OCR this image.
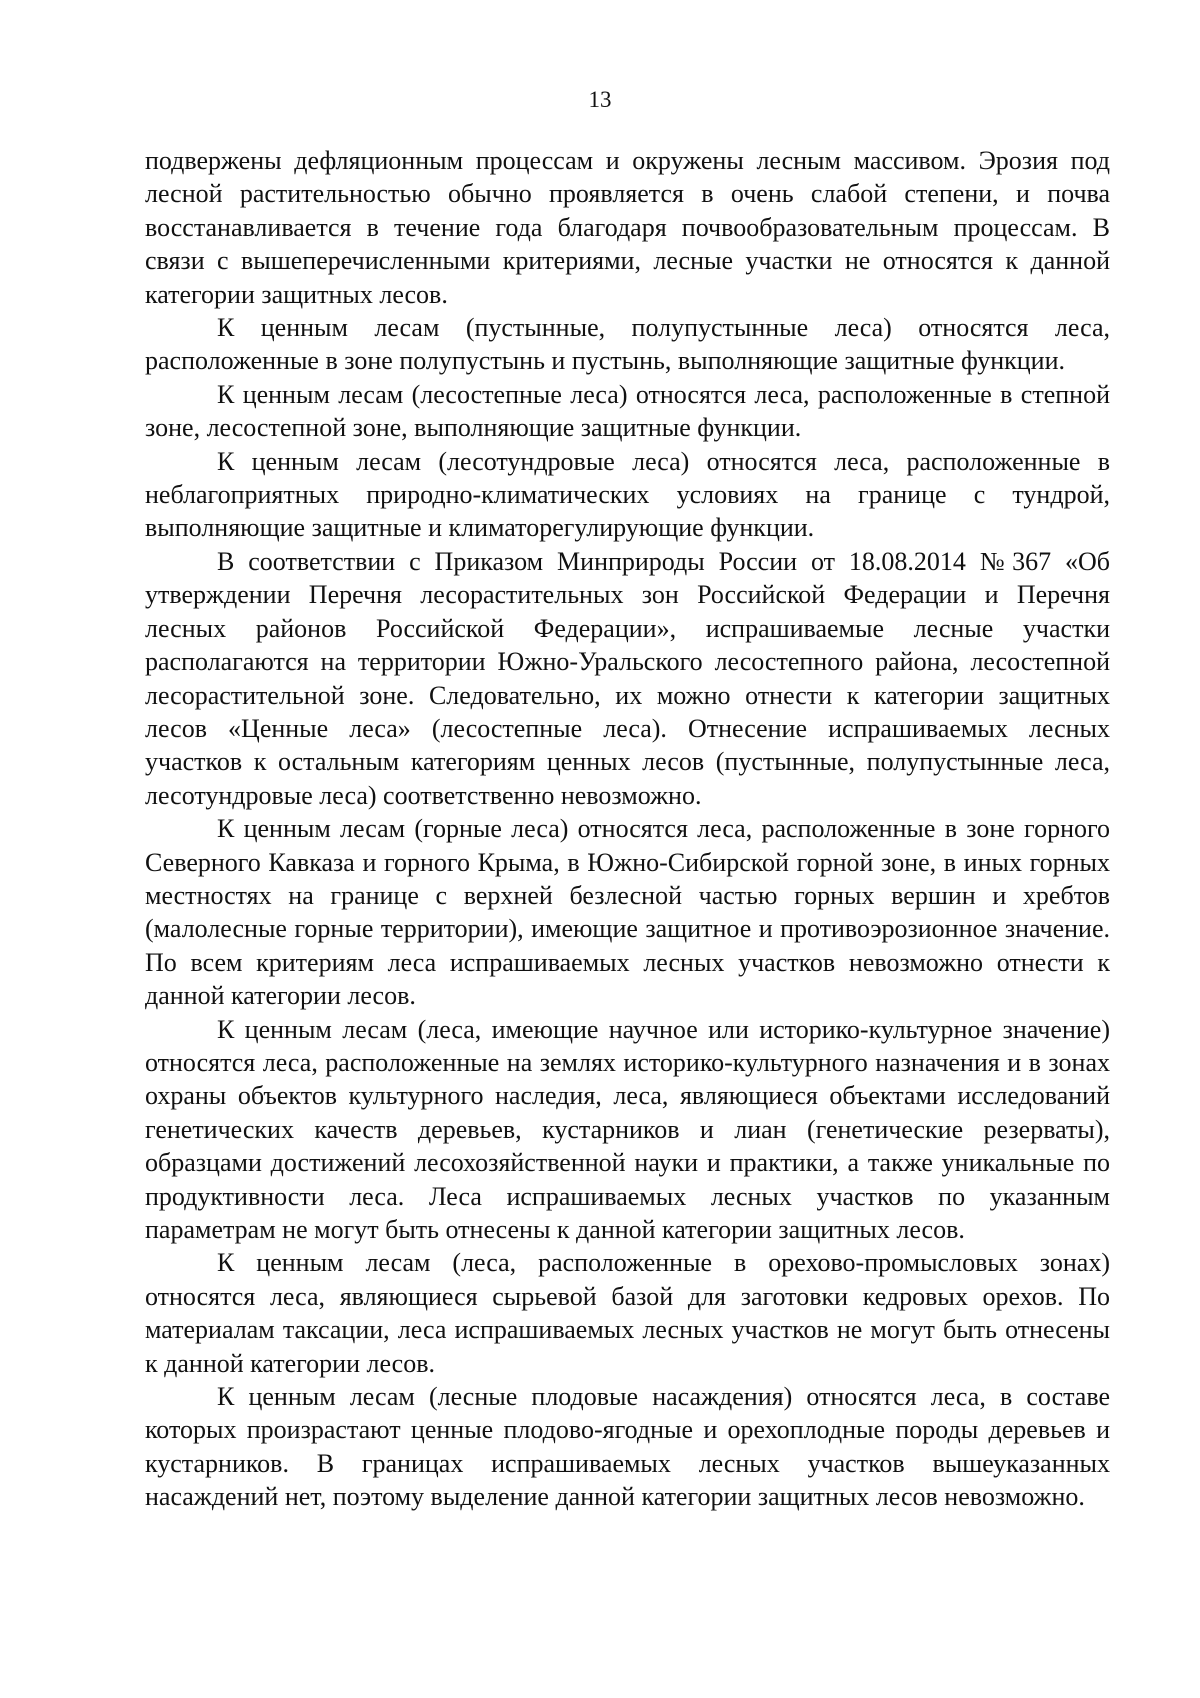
13

подвержены дефляционным процессам и окружены лесным массивом. Эрозия под лесной растительностью обычно проявляется в очень слабой степени, и почва восстанавливается в течение года благодаря почвообразовательным процессам. В связи с вышеперечисленными критериями, лесные участки не относятся к данной категории защитных лесов.

К ценным лесам (пустынные, полупустынные леса) относятся леса, расположенные в зоне полупустынь и пустынь, выполняющие защитные функции.

К ценным лесам (лесостепные леса) относятся леса, расположенные в степной зоне, лесостепной зоне, выполняющие защитные функции.

К ценным лесам (лесотундровые леса) относятся леса, расположенные в неблагоприятных природно-климатических условиях на границе с тундрой, выполняющие защитные и климаторегулирующие функции.

В соответствии с Приказом Минприроды России от 18.08.2014 №367 «Об утверждении Перечня лесорастительных зон Российской Федерации и Перечня лесных районов Российской Федерации», испрашиваемые лесные участки располагаются на территории Южно-Уральского лесостепного района, лесостепной лесорастительной зоне. Следовательно, их можно отнести к категории защитных лесов «Ценные леса» (лесостепные леса). Отнесение испрашиваемых лесных участков к остальным категориям ценных лесов (пустынные, полупустынные леса, лесотундровые леса) соответственно невозможно.

К ценным лесам (горные леса) относятся леса, расположенные в зоне горного Северного Кавказа и горного Крыма, в Южно-Сибирской горной зоне, в иных горных местностях на границе с верхней безлесной частью горных вершин и хребтов (малолесные горные территории), имеющие защитное и противоэрозионное значение. По всем критериям леса испрашиваемых лесных участков невозможно отнести к данной категории лесов.

К ценным лесам (леса, имеющие научное или историко-культурное значение) относятся леса, расположенные на землях историко-культурного назначения и в зонах охраны объектов культурного наследия, леса, являющиеся объектами исследований генетических качеств деревьев, кустарников и лиан (генетические резерваты), образцами достижений лесохозяйственной науки и практики, а также уникальные по продуктивности леса. Леса испрашиваемых лесных участков по указанным параметрам не могут быть отнесены к данной категории защитных лесов.

К ценным лесам (леса, расположенные в орехово-промысловых зонах) относятся леса, являющиеся сырьевой базой для заготовки кедровых орехов. По материалам таксации, леса испрашиваемых лесных участков не могут быть отнесены к данной категории лесов.

К ценным лесам (лесные плодовые насаждения) относятся леса, в составе которых произрастают ценные плодово-ягодные и орехоплодные породы деревьев и кустарников. В границах испрашиваемых лесных участков вышеуказанных насаждений нет, поэтому выделение данной категории защитных лесов невозможно.
